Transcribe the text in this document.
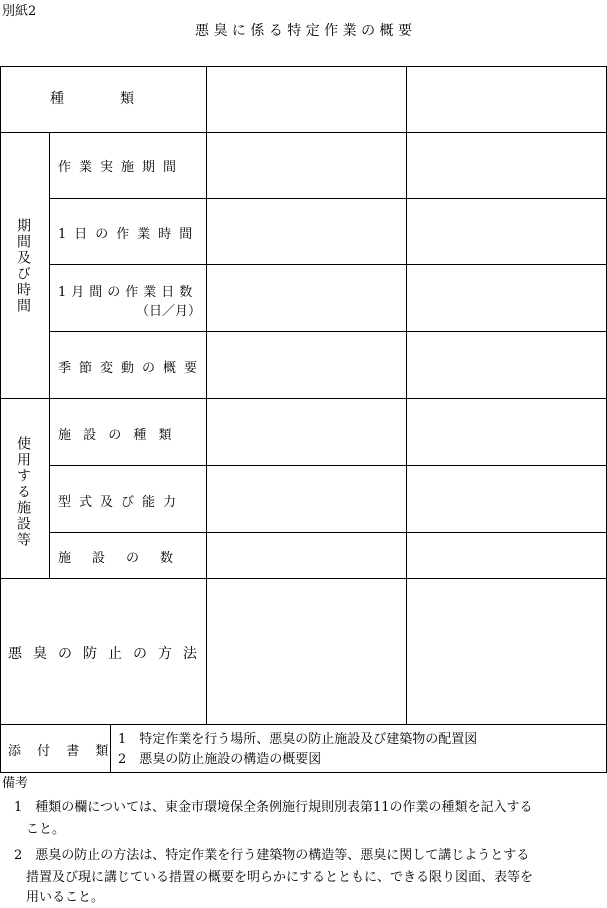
別紙2
悪 臭 に 係 る 特 定 作 業 の 概 要
種　　　　類
期間及び時間
作業実施期間
1日の作業時間
1月間の作業日数
（日／月）
季節変動の概要
使用する施設等
施 設 の 種 類
型式及び能力
施　設　の　数
悪臭の防止の方法
添 付 書 類
1　特定作業を行う場所、悪臭の防止施設及び建築物の配置図
2　悪臭の防止施設の構造の概要図
備考
1　種類の欄については、東金市環境保全条例施行規則別表第11の作業の種類を記入する
こと。
2　悪臭の防止の方法は、特定作業を行う建築物の構造等、悪臭に関して講じようとする
措置及び現に講じている措置の概要を明らかにするとともに、できる限り図面、表等を
用いること。
